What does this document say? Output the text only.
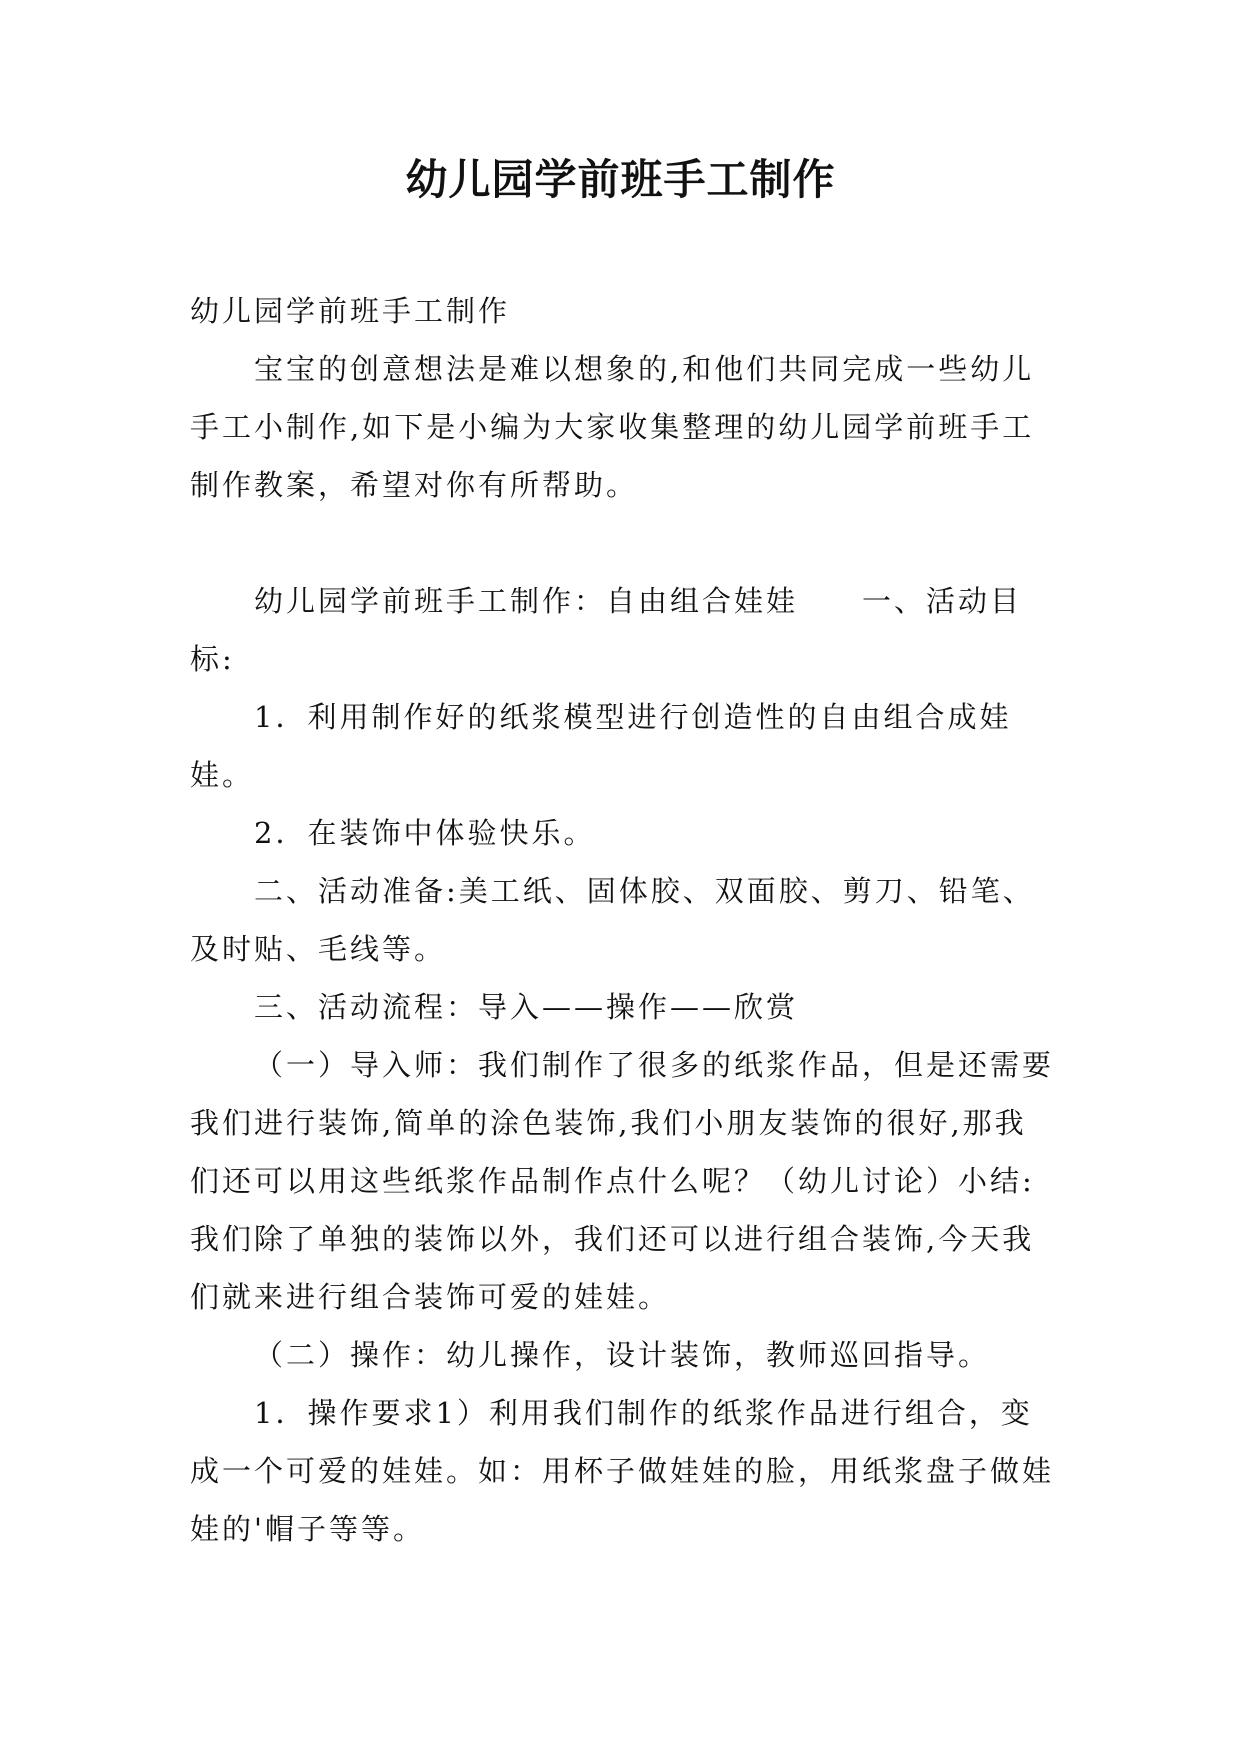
幼儿园学前班手工制作

幼儿园学前班手工制作

宝宝的创意想法是难以想象的,和他们共同完成一些幼儿手工小制作,如下是小编为大家收集整理的幼儿园学前班手工制作教案，希望对你有所帮助。

幼儿园学前班手工制作：自由组合娃娃　　一、活动目标:

1．利用制作好的纸浆模型进行创造性的自由组合成娃娃。

2．在装饰中体验快乐。

二、活动准备:美工纸、固体胶、双面胶、剪刀、铅笔、及时贴、毛线等。

三、活动流程：导入——操作——欣赏

（一）导入师：我们制作了很多的纸浆作品，但是还需要我们进行装饰,简单的涂色装饰,我们小朋友装饰的很好,那我们还可以用这些纸浆作品制作点什么呢？（幼儿讨论）小结:我们除了单独的装饰以外，我们还可以进行组合装饰,今天我们就来进行组合装饰可爱的娃娃。

（二）操作：幼儿操作，设计装饰，教师巡回指导。

1．操作要求1）利用我们制作的纸浆作品进行组合，变成一个可爱的娃娃。如：用杯子做娃娃的脸，用纸浆盘子做娃娃的'帽子等等。
